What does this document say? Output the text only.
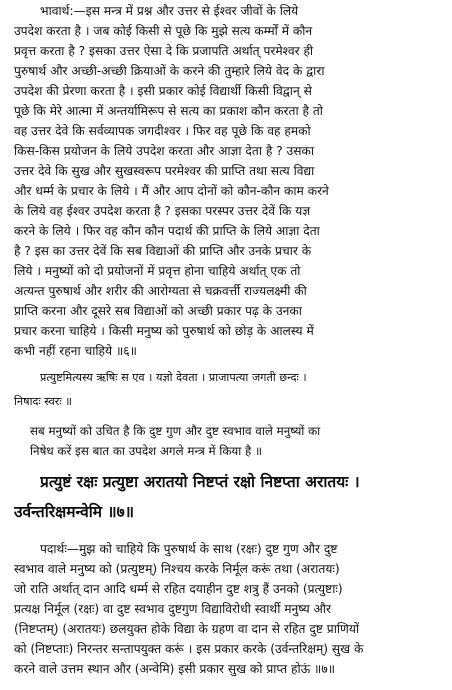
भावार्थ:—इस मन्त्र में प्रश्न और उत्तर से ईश्वर जीवों के लिये
उपदेश करता है । जब कोई किसी से पूछे कि मुझे सत्य कर्म्मों में कौन
प्रवृत्त करता है ? इसका उत्तर ऐसा दे कि प्रजापति अर्थात् परमेश्वर ही
पुरुषार्थ और अच्छी-अच्छी क्रियाओं के करने की तुम्हारे लिये वेद के द्वारा
उपदेश की प्रेरणा करता है । इसी प्रकार कोई विद्यार्थी किसी विद्वान् से
पूछे कि मेरे आत्मा में अन्तर्यामिरूप से सत्य का प्रकाश कौन करता है तो
वह उत्तर देवे कि सर्वव्यापक जगदीश्वर । फिर वह पूछे कि वह हमको
किस-किस प्रयोजन के लिये उपदेश करता और आज्ञा देता है ? उसका
उत्तर देवे कि सुख और सुखस्वरूप परमेश्वर की प्राप्ति तथा सत्य विद्या
और धर्म्म के प्रचार के लिये । मैं और आप दोनों को कौन-कौन काम करने
के लिये वह ईश्वर उपदेश करता है ? इसका परस्पर उत्तर देवें कि यज्ञ
करने के लिये । फिर वह कौन कौन पदार्थ की प्राप्ति के लिये आज्ञा देता
है ? इस का उत्तर देवें कि सब विद्याओं की प्राप्ति और उनके प्रचार के
लिये । मनुष्यों को दो प्रयोजनों में प्रवृत्त होना चाहिये अर्थात् एक तो
अत्यन्त पुरुषार्थ और शरीर की आरोग्यता से चक्रवर्त्ती राज्यलक्ष्मी की
प्राप्ति करना और दूसरे सब विद्याओं को अच्छी प्रकार पढ़ के उनका
प्रचार करना चाहिये । किसी मनुष्य को पुरुषार्थ को छोड़ के आलस्य में
कभी नहीं रहना चाहिये ॥६॥
प्रत्युष्टमित्यस्य ऋषिः स एव । यज्ञो देवता । प्राजापत्या जगती छन्दः ।
निषादः स्वरः ॥
सब मनुष्यों को उचित है कि दुष्ट गुण और दुष्ट स्वभाव वाले मनुष्यों का
निषेध करें इस बात का उपदेश अगले मन्त्र में किया है ॥
प्रत्युष्टं रक्षः प्रत्युष्टा अरातयो निष्टप्तं रक्षो निष्टप्ता अरातयः ।
उर्वन्तरिक्षमन्वेमि ॥७॥
पदार्थः—मुझ को चाहिये कि पुरुषार्थ के साथ (रक्षः) दुष्ट गुण और दुष्ट
स्वभाव वाले मनुष्य को (प्रत्युष्टम्) निश्चय करके निर्मूल करूं तथा (अरातयः)
जो राति अर्थात् दान आदि धर्म्म से रहित दयाहीन दुष्ट शत्रु हैं उनको (प्रत्युष्टाः)
प्रत्यक्ष निर्मूल (रक्षः) वा दुष्ट स्वभाव दुष्टगुण विद्याविरोधी स्वार्थी मनुष्य और
(निष्टप्तम्) (अरातयः) छलयुक्त होके विद्या के ग्रहण वा दान से रहित दुष्ट प्राणियों
को (निष्टप्ताः) निरन्तर सन्तापयुक्त करूं । इस प्रकार करके (उर्वन्तरिक्षम्) सुख के
करने वाले उत्तम स्थान और (अन्वेमि) इसी प्रकार सुख को प्राप्त होऊं ॥७॥
